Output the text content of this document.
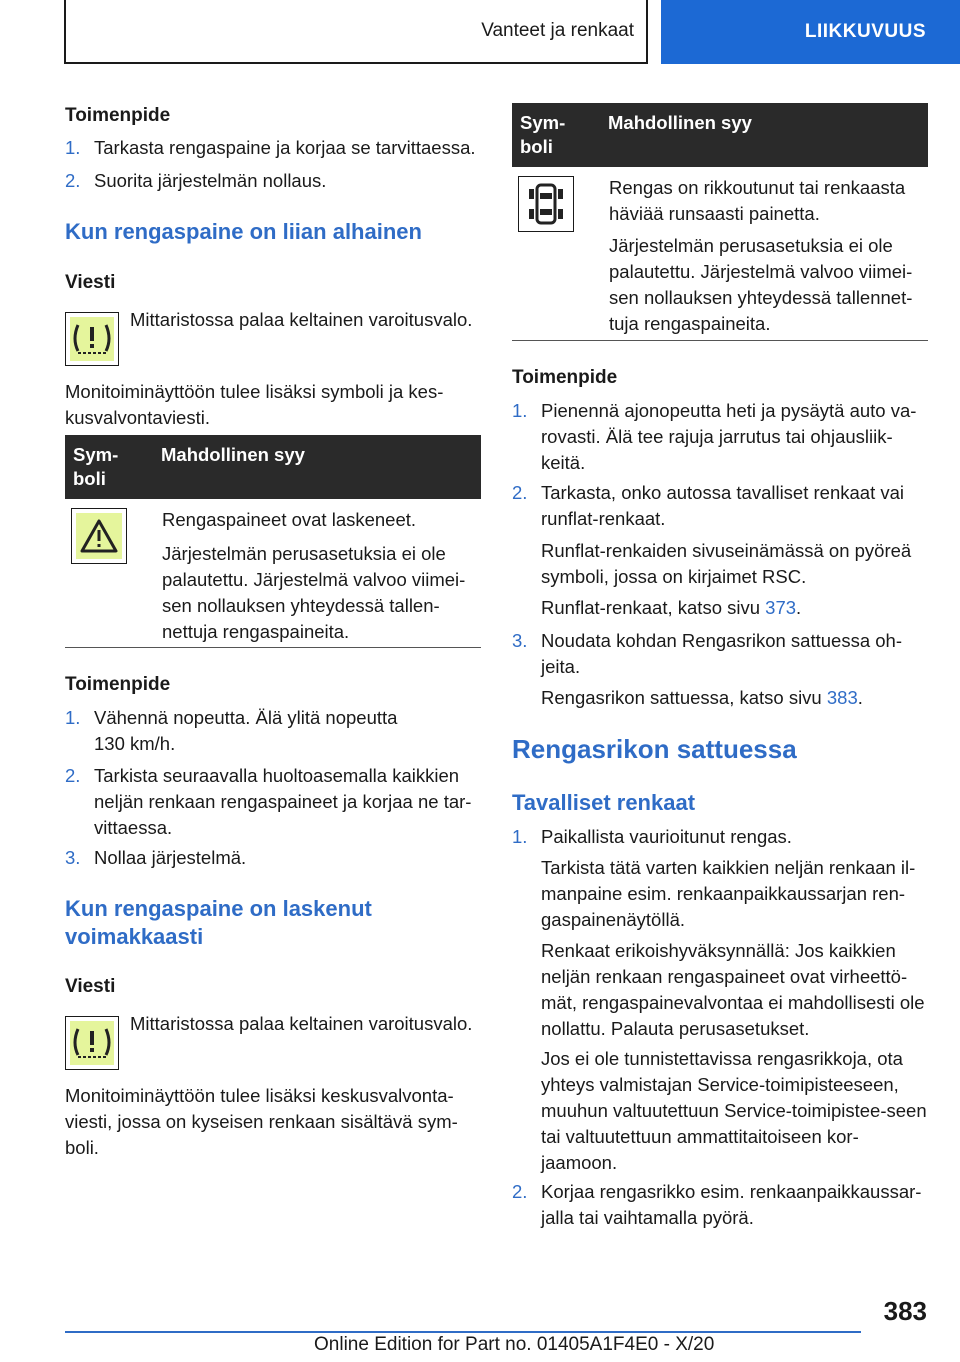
Vanteet ja renkaat	LIIKKUVUUS
Toimenpide
1. Tarkasta rengaspaine ja korjaa se tarvittaessa.
2. Suorita järjestelmän nollaus.
Kun rengaspaine on liian alhainen
Viesti
Mittaristossa palaa keltainen varoitusvalo.
Monitoiminäyttöön tulee lisäksi symboli ja kes-kusvalvontaviesti.
Sym-boli
Mahdollinen syy
Rengaspaineet ovat laskeneet.
Järjestelmän perusasetuksia ei ole palautettu. Järjestelmä valvoo viimei-sen nollauksen yhteydessä tallen-nettuja rengaspaineita.
Toimenpide
1. Vähennä nopeutta. Älä ylitä nopeutta 130 km/h.
2. Tarkista seuraavalla huoltoasemalla kaikkien neljän renkaan rengaspaineet ja korjaa ne tar-vittaessa.
3. Nollaa järjestelmä.
Kun rengaspaine on laskenut voimakkaasti
Viesti
Mittaristossa palaa keltainen varoitusvalo.
Monitoiminäyttöön tulee lisäksi keskusvalvonta-viesti, jossa on kyseisen renkaan sisältävä sym-boli.
Sym-boli
Mahdollinen syy
Rengas on rikkoutunut tai renkaasta häviää runsaasti painetta.
Järjestelmän perusasetuksia ei ole palautettu. Järjestelmä valvoo viimei-sen nollauksen yhteydessä tallennet-tuja rengaspaineita.
Toimenpide
1. Pienennä ajonopeutta heti ja pysäytä auto va-rovasti. Älä tee rajuja jarrutus tai ohjausliik-keitä.
2. Tarkasta, onko autossa tavalliset renkaat vai runflat-renkaat.
Runflat-renkaiden sivuseinämässä on pyöreä symboli, jossa on kirjaimet RSC.
Runflat-renkaat, katso sivu 373.
3. Noudata kohdan Rengasrikon sattuessa oh-jeita.
Rengasrikon sattuessa, katso sivu 383.
Rengasrikon sattuessa
Tavalliset renkaat
1. Paikallista vaurioitunut rengas.
Tarkista tätä varten kaikkien neljän renkaan il-manpaine esim. renkaanpaikkaussarjan ren-gaspainenäytöllä.
Renkaat erikoishyväksynnällä: Jos kaikkien neljän renkaan rengaspaineet ovat virheettö-mät, rengaspainevalvontaa ei mahdollisesti ole nollattu. Palauta perusasetukset.
Jos ei ole tunnistettavissa rengasrikkoja, ota yhteys valmistajan Service-toimipisteeseen, muuhun valtuutettuun Service-toimipistee-seen tai valtuutettuun ammattitaitoiseen kor-jaamoon.
2. Korjaa rengasrikko esim. renkaanpaikkaussar-jalla tai vaihtamalla pyörä.
383
Online Edition for Part no. 01405A1F4E0 - X/20
